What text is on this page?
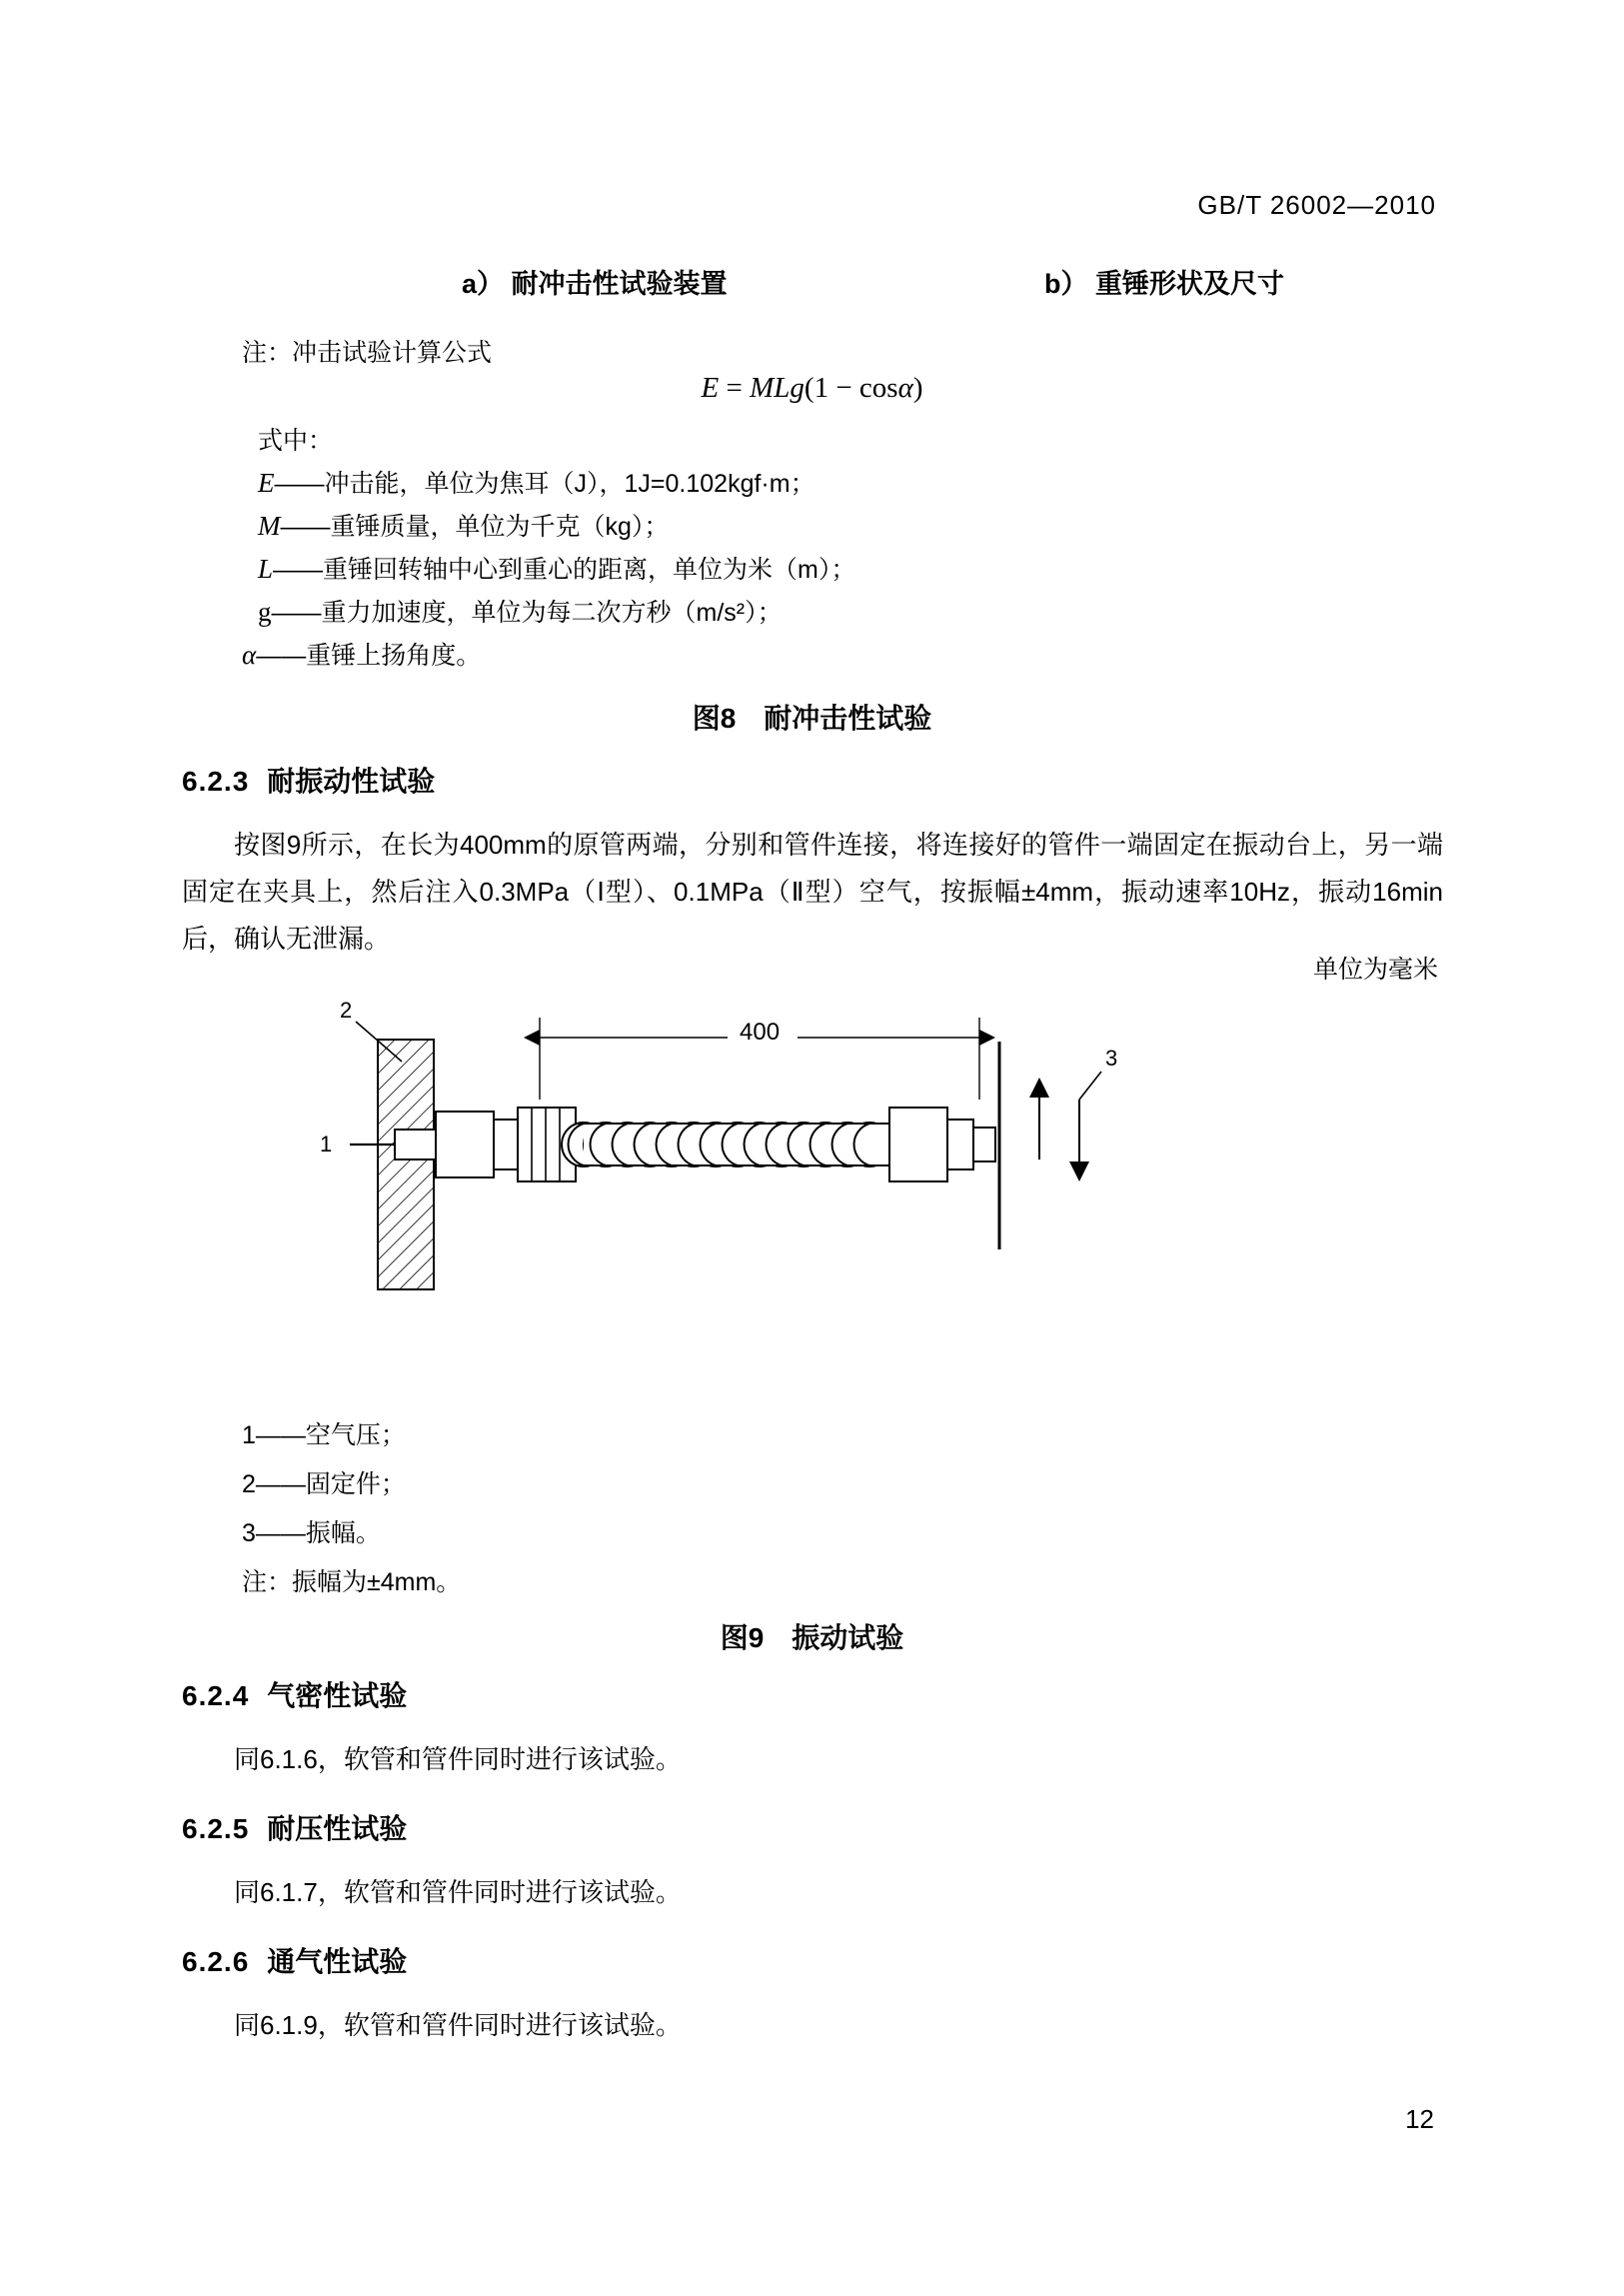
GB/T 26002—2010
a） 耐冲击性试验装置	b） 重锤形状及尺寸
注：冲击试验计算公式
E = MLg(1 − cosα)
式中：
E——冲击能，单位为焦耳（J），1J=0.102kgf·m；
M——重锤质量，单位为千克（kg）；
L——重锤回转轴中心到重心的距离，单位为米（m）；
g——重力加速度，单位为每二次方秒（m/s²）；
α——重锤上扬角度。
图8　耐冲击性试验
6.2.3 耐振动性试验
按图9所示，在长为400mm的原管两端，分别和管件连接，将连接好的管件一端固定在振动台上，另一端固定在夹具上，然后注入0.3MPa（Ⅰ型）、0.1MPa（Ⅱ型）空气，按振幅±4mm，振动速率10Hz，振动16min后，确认无泄漏。
单位为毫米
2
1
3
400
1——空气压；
2——固定件；
3——振幅。
注：振幅为±4mm。
图9　振动试验
6.2.4 气密性试验
同6.1.6，软管和管件同时进行该试验。
6.2.5 耐压性试验
同6.1.7，软管和管件同时进行该试验。
6.2.6 通气性试验
同6.1.9，软管和管件同时进行该试验。
12
